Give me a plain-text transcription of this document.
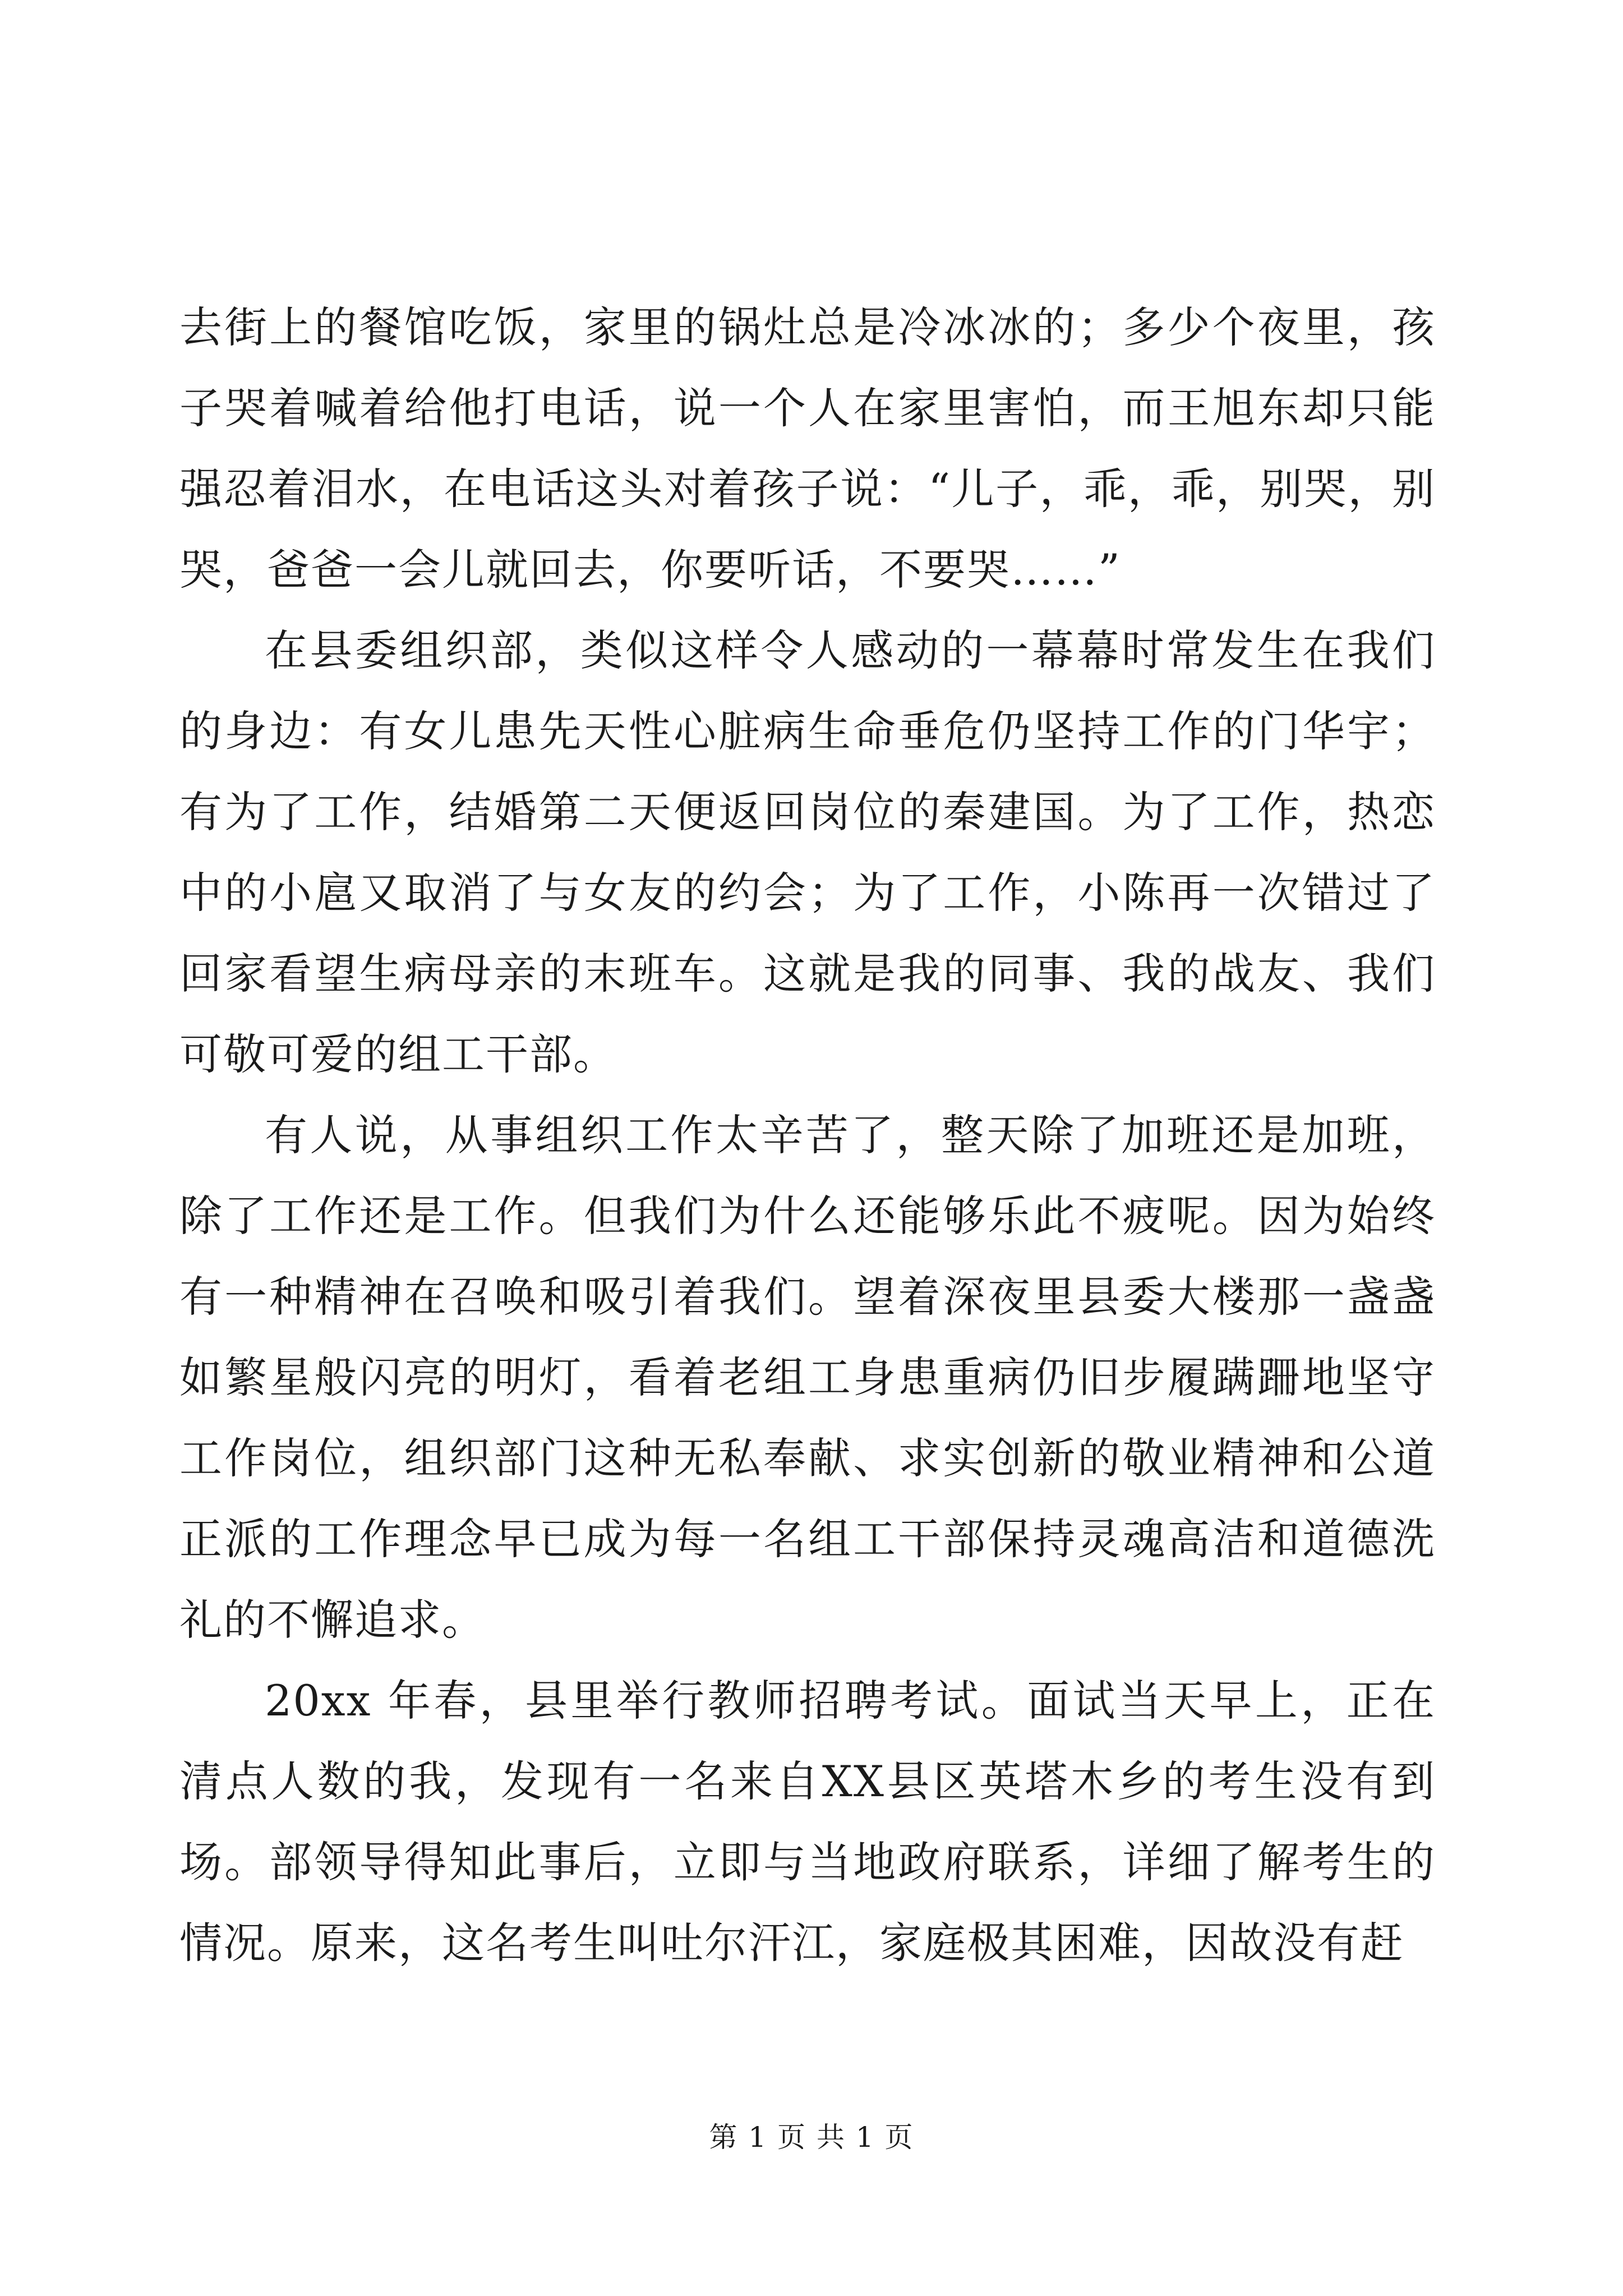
去街上的餐馆吃饭，家里的锅灶总是冷冰冰的；多少个夜里，孩子哭着喊着给他打电话，说一个人在家里害怕，而王旭东却只能强忍着泪水，在电话这头对着孩子说：“儿子，乖，乖，别哭，别哭，爸爸一会儿就回去，你要听话，不要哭……”

在县委组织部，类似这样令人感动的一幕幕时常发生在我们的身边：有女儿患先天性心脏病生命垂危仍坚持工作的门华宇；有为了工作，结婚第二天便返回岗位的秦建国。为了工作，热恋中的小扈又取消了与女友的约会；为了工作，小陈再一次错过了回家看望生病母亲的末班车。这就是我的同事、我的战友、我们可敬可爱的组工干部。

有人说，从事组织工作太辛苦了，整天除了加班还是加班，除了工作还是工作。但我们为什么还能够乐此不疲呢。因为始终有一种精神在召唤和吸引着我们。望着深夜里县委大楼那一盏盏如繁星般闪亮的明灯，看着老组工身患重病仍旧步履蹒跚地坚守工作岗位，组织部门这种无私奉献、求实创新的敬业精神和公道正派的工作理念早已成为每一名组工干部保持灵魂高洁和道德洗礼的不懈追求。

20xx 年春，县里举行教师招聘考试。面试当天早上，正在清点人数的我，发现有一名来自XX县区英塔木乡的考生没有到场。部领导得知此事后，立即与当地政府联系，详细了解考生的情况。原来，这名考生叫吐尔汗江，家庭极其困难，因故没有赶

第 1 页 共 1 页
